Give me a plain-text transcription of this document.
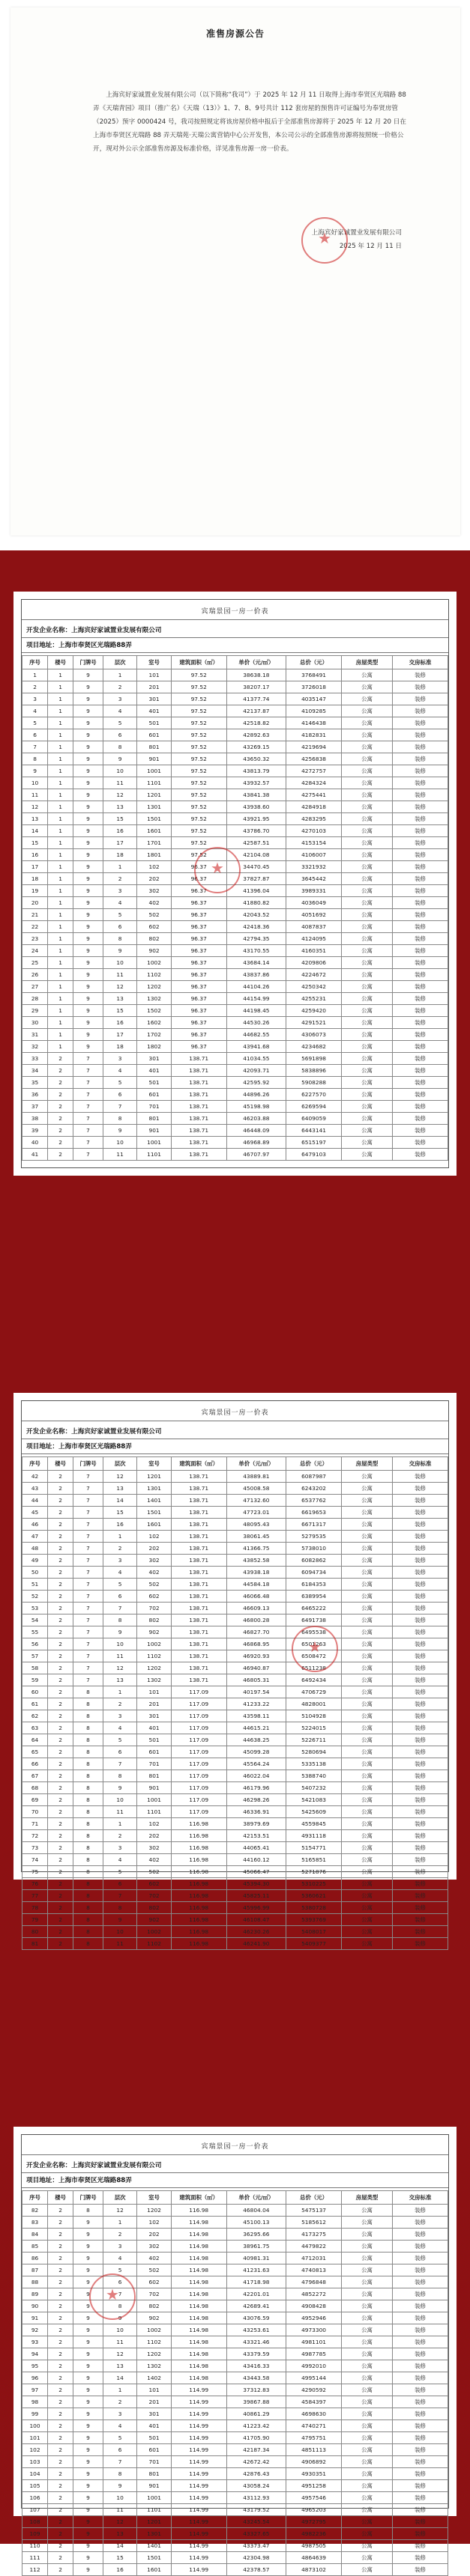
准售房源公告
上海宾好家诚置业发展有限公司（以下简称“我司”）于 2025 年 12 月 11 日取得上海市奉贤区光瑞路 88 弄《天瑞青园》项目（推广名）《天瑞（13）》1、7、8、9号共计 112 套房屋的预售许可证编号为奉贤房管（2025）预字 0000424 号，我司按照规定将该房屋价格申报后于全部准售房源将于 2025 年 12 月 20 日在上海市奉贤区光瑞路 88 弄天瑞苑·天瑞公寓营销中心公开发售，本公司公示的全部准售房源将按照统一价格公开，现对外公示全部准售房源及标准价格，详见准售房源一房一价表。
上海宾好家诚置业发展有限公司
2025 年 12 月 11 日
★
宾瑞景园一房一价表
开发企业名称：上海宾好家诚置业发展有限公司
项目地址：上海市奉贤区光瑞路88弄
序号	楼号	门牌号	层次	室号	建筑面积（㎡）	单价（元/㎡）	总价（元）	房屋类型	交房标准
1	1	9	1	101	97.52	38638.18	3768491	公寓	装修
2	1	9	2	201	97.52	38207.17	3726018	公寓	装修
3	1	9	3	301	97.52	41377.74	4035147	公寓	装修
4	1	9	4	401	97.52	42137.87	4109285	公寓	装修
5	1	9	5	501	97.52	42518.82	4146438	公寓	装修
6	1	9	6	601	97.52	42892.63	4182831	公寓	装修
7	1	9	8	801	97.52	43269.15	4219694	公寓	装修
8	1	9	9	901	97.52	43650.32	4256838	公寓	装修
9	1	9	10	1001	97.52	43813.79	4272757	公寓	装修
10	1	9	11	1101	97.52	43932.57	4284324	公寓	装修
11	1	9	12	1201	97.52	43841.38	4275441	公寓	装修
12	1	9	13	1301	97.52	43938.60	4284918	公寓	装修
13	1	9	15	1501	97.52	43921.95	4283295	公寓	装修
14	1	9	16	1601	97.52	43786.70	4270103	公寓	装修
15	1	9	17	1701	97.52	42587.51	4153154	公寓	装修
16	1	9	18	1801	97.52	42104.08	4106007	公寓	装修
17	1	9	1	102	96.37	34470.45	3321932	公寓	装修
18	1	9	2	202	96.37	37827.87	3645442	公寓	装修
19	1	9	3	302	96.37	41396.04	3989331	公寓	装修
20	1	9	4	402	96.37	41880.82	4036049	公寓	装修
21	1	9	5	502	96.37	42043.52	4051692	公寓	装修
22	1	9	6	602	96.37	42418.36	4087837	公寓	装修
23	1	9	8	802	96.37	42794.35	4124095	公寓	装修
24	1	9	9	902	96.37	43170.55	4160351	公寓	装修
25	1	9	10	1002	96.37	43684.14	4209806	公寓	装修
26	1	9	11	1102	96.37	43837.86	4224672	公寓	装修
27	1	9	12	1202	96.37	44104.26	4250342	公寓	装修
28	1	9	13	1302	96.37	44154.99	4255231	公寓	装修
29	1	9	15	1502	96.37	44198.45	4259420	公寓	装修
30	1	9	16	1602	96.37	44530.26	4291521	公寓	装修
31	1	9	17	1702	96.37	44682.55	4306073	公寓	装修
32	1	9	18	1802	96.37	43941.68	4234682	公寓	装修
33	2	7	3	301	138.71	41034.55	5691898	公寓	装修
34	2	7	4	401	138.71	42093.71	5838896	公寓	装修
35	2	7	5	501	138.71	42595.92	5908288	公寓	装修
36	2	7	6	601	138.71	44896.26	6227570	公寓	装修
37	2	7	7	701	138.71	45198.98	6269594	公寓	装修
38	2	7	8	801	138.71	46203.88	6409059	公寓	装修
39	2	7	9	901	138.71	46448.09	6443141	公寓	装修
40	2	7	10	1001	138.71	46968.89	6515197	公寓	装修
41	2	7	11	1101	138.71	46707.97	6479103	公寓	装修
★
宾瑞景园一房一价表
开发企业名称：上海宾好家诚置业发展有限公司
项目地址：上海市奉贤区光瑞路88弄
序号	楼号	门牌号	层次	室号	建筑面积（㎡）	单价（元/㎡）	总价（元）	房屋类型	交房标准
42	2	7	12	1201	138.71	43889.81	6087987	公寓	装修
43	2	7	13	1301	138.71	45008.58	6243202	公寓	装修
44	2	7	14	1401	138.71	47132.60	6537762	公寓	装修
45	2	7	15	1501	138.71	47723.01	6619653	公寓	装修
46	2	7	16	1601	138.71	48095.43	6671317	公寓	装修
47	2	7	1	102	138.71	38061.45	5279535	公寓	装修
48	2	7	2	202	138.71	41366.75	5738010	公寓	装修
49	2	7	3	302	138.71	43852.58	6082862	公寓	装修
50	2	7	4	402	138.71	43938.18	6094734	公寓	装修
51	2	7	5	502	138.71	44584.18	6184353	公寓	装修
52	2	7	6	602	138.71	46066.48	6389954	公寓	装修
53	2	7	7	702	138.71	46609.13	6465222	公寓	装修
54	2	7	8	802	138.71	46800.28	6491738	公寓	装修
55	2	7	9	902	138.71	46827.70	6495538	公寓	装修
56	2	7	10	1002	138.71	46868.95	6501263	公寓	装修
57	2	7	11	1102	138.71	46920.93	6508472	公寓	装修
58	2	7	12	1202	138.71	46940.87	6511238	公寓	装修
59	2	7	13	1302	138.71	46805.31	6492434	公寓	装修
60	2	8	1	101	117.09	40197.54	4706729	公寓	装修
61	2	8	2	201	117.09	41233.22	4828001	公寓	装修
62	2	8	3	301	117.09	43598.11	5104928	公寓	装修
63	2	8	4	401	117.09	44615.21	5224015	公寓	装修
64	2	8	5	501	117.09	44638.25	5226711	公寓	装修
65	2	8	6	601	117.09	45099.28	5280694	公寓	装修
66	2	8	7	701	117.09	45564.24	5335138	公寓	装修
67	2	8	8	801	117.09	46022.04	5388740	公寓	装修
68	2	8	9	901	117.09	46179.96	5407232	公寓	装修
69	2	8	10	1001	117.09	46298.26	5421083	公寓	装修
70	2	8	11	1101	117.09	46336.91	5425609	公寓	装修
71	2	8	1	102	116.98	38979.69	4559845	公寓	装修
72	2	8	2	202	116.98	42153.51	4931118	公寓	装修
73	2	8	3	302	116.98	44065.41	5154771	公寓	装修
74	2	8	4	402	116.98	44160.12	5165851	公寓	装修
75	2	8	5	502	116.98	45066.47	5271876	公寓	装修
76	2	8	6	602	116.98	45394.30	5310225	公寓	装修
77	2	8	7	702	116.98	45825.11	5360621	公寓	装修
78	2	8	8	802	116.98	45996.99	5380728	公寓	装修
79	2	8	9	902	116.98	46108.47	5393769	公寓	装修
80	2	8	10	1002	116.98	46230.26	5408017	公寓	装修
81	2	8	11	1102	116.98	46241.90	5409377	公寓	装修
★
宾瑞景园一房一价表
开发企业名称：上海宾好家诚置业发展有限公司
项目地址：上海市奉贤区光瑞路88弄
序号	楼号	门牌号	层次	室号	建筑面积（㎡）	单价（元/㎡）	总价（元）	房屋类型	交房标准
82	2	8	12	1202	116.98	46804.04	5475137	公寓	装修
83	2	9	1	102	114.98	45100.13	5185612	公寓	装修
84	2	9	2	202	114.98	36295.66	4173275	公寓	装修
85	2	9	3	302	114.98	38961.75	4479822	公寓	装修
86	2	9	4	402	114.98	40981.31	4712031	公寓	装修
87	2	9	5	502	114.98	41231.63	4740813	公寓	装修
88	2	9	6	602	114.98	41718.98	4796848	公寓	装修
89	2	9	7	702	114.98	42201.01	4852272	公寓	装修
90	2	9	8	802	114.98	42689.41	4908428	公寓	装修
91	2	9	9	902	114.98	43076.59	4952946	公寓	装修
92	2	9	10	1002	114.98	43253.61	4973300	公寓	装修
93	2	9	11	1102	114.98	43321.46	4981101	公寓	装修
94	2	9	12	1202	114.98	43379.59	4987785	公寓	装修
95	2	9	13	1302	114.98	43416.33	4992010	公寓	装修
96	2	9	14	1402	114.98	43443.58	4995144	公寓	装修
97	2	9	1	101	114.99	37312.83	4290592	公寓	装修
98	2	9	2	201	114.99	39867.88	4584397	公寓	装修
99	2	9	3	301	114.99	40861.29	4698630	公寓	装修
100	2	9	4	401	114.99	41223.42	4740271	公寓	装修
101	2	9	5	501	114.99	41705.90	4795751	公寓	装修
102	2	9	6	601	114.99	42187.34	4851113	公寓	装修
103	2	9	7	701	114.99	42672.42	4906892	公寓	装修
104	2	9	8	801	114.99	42876.43	4930351	公寓	装修
105	2	9	9	901	114.99	43058.24	4951258	公寓	装修
106	2	9	10	1001	114.99	43112.93	4957546	公寓	装修
107	2	9	11	1101	114.99	43179.52	4965203	公寓	装修
108	2	9	12	1201	114.99	43245.54	4972795	公寓	装修
109	2	9	13	1301	114.99	43327.65	4982236	公寓	装修
110	2	9	14	1401	114.99	43373.47	4987505	公寓	装修
111	2	9	15	1501	114.99	42304.98	4864639	公寓	装修
112	2	9	16	1601	114.99	42378.57	4873102	公寓	装修
★
